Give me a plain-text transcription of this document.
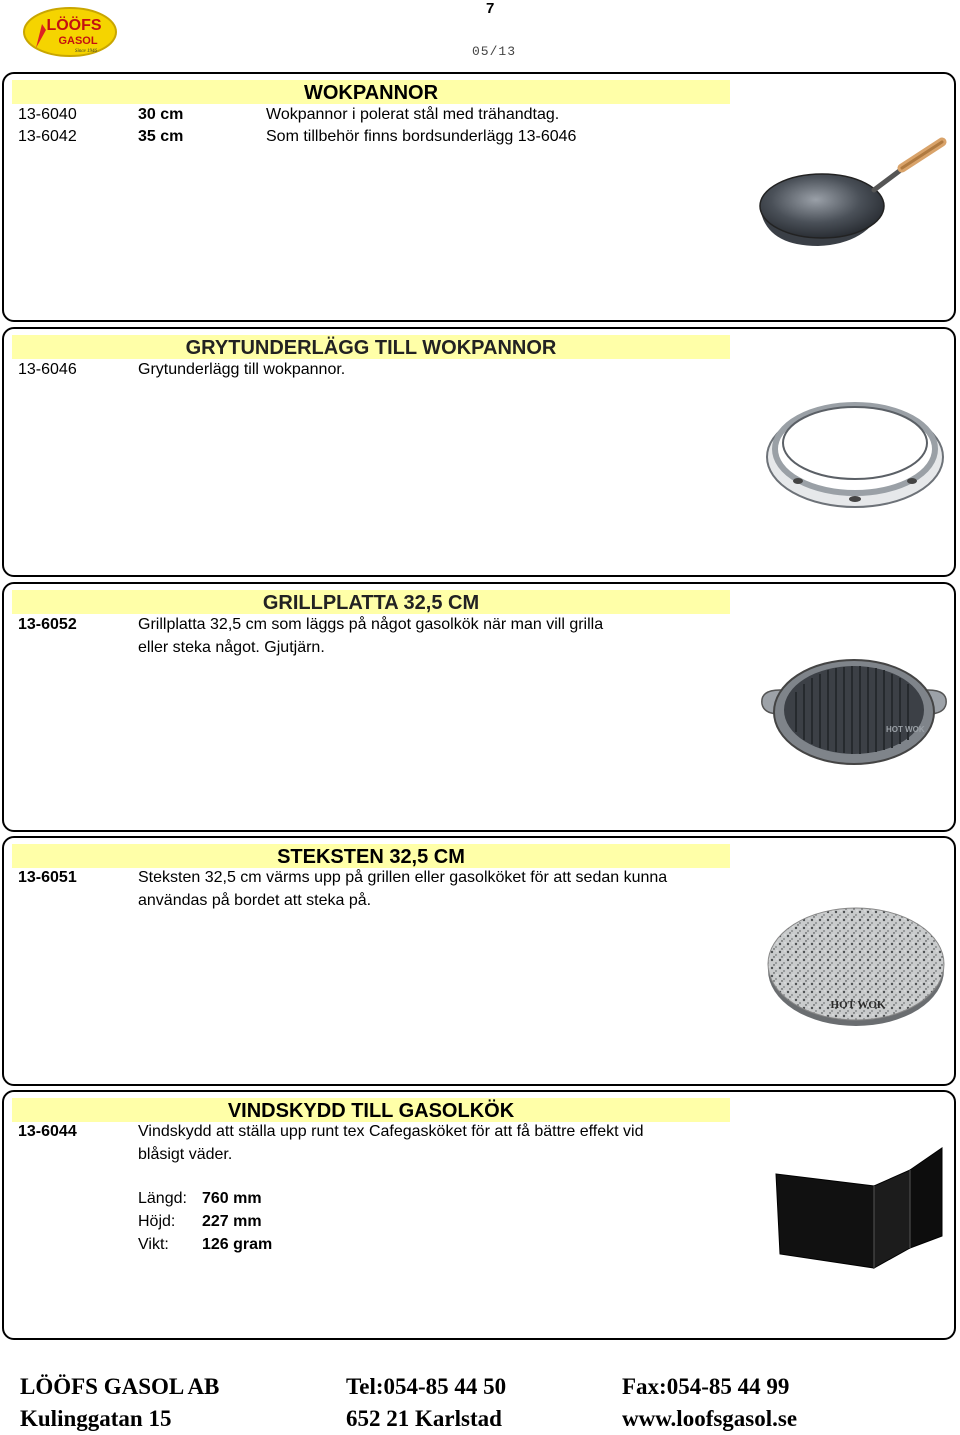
LÖÖFS
GASOL
Since 1946
7
05/13
WOKPANNOR
13-6040	30 cm	Wokpannor i polerat stål med trähandtag.
13-6042	35 cm	Som tillbehör finns bordsunderlägg 13-6046
GRYTUNDERLÄGG TILL WOKPANNOR
13-6046	Grytunderlägg till wokpannor.
GRILLPLATTA 32,5 CM
13-6052	Grillplatta 32,5 cm som läggs på något gasolkök när man vill grilla
eller steka något. Gjutjärn.
HOT WOK
STEKSTEN 32,5 CM
13-6051	Steksten 32,5 cm värms upp på grillen eller gasolköket för att sedan kunna
användas på bordet att steka på.
HOT WOK
VINDSKYDD TILL GASOLKÖK
13-6044	Vindskydd att ställa upp runt tex Cafegasköket för att få bättre effekt vid
blåsigt väder.
Längd: 760 mm
Höjd: 227 mm
Vikt: 126 gram
LÖÖFS GASOL AB	Tel:054-85 44 50	Fax:054-85 44 99
Kulinggatan 15	652 21 Karlstad	www.loofsgasol.se
